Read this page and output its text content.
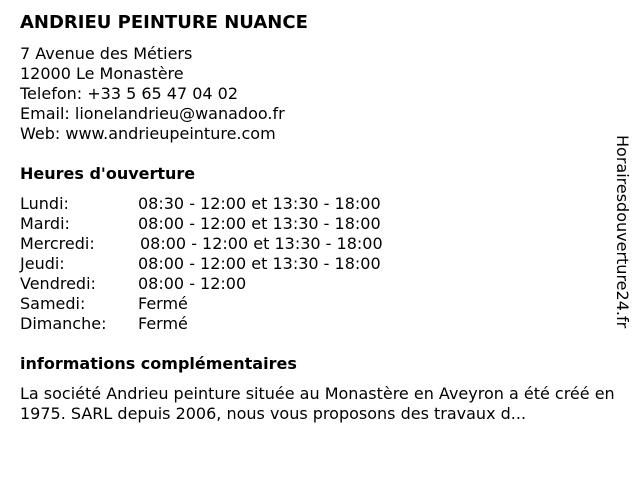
ANDRIEU PEINTURE NUANCE
7 Avenue des Métiers
12000 Le Monastère
Telefon: +33 5 65 47 04 02
Email: lionelandrieu@wanadoo.fr
Web: www.andrieupeinture.com
Heures d'ouverture
Lundi:	08:30 - 12:00 et 13:30 - 18:00
Mardi:	08:00 - 12:00 et 13:30 - 18:00
Mercredi:	08:00 - 12:00 et 13:30 - 18:00
Jeudi:	08:00 - 12:00 et 13:30 - 18:00
Vendredi:	08:00 - 12:00
Samedi:	Fermé
Dimanche: Fermé
informations complémentaires
La société Andrieu peinture située au Monastère en Aveyron a été créé en 1975. SARL depuis 2006, nous vous proposons des travaux d...
Horairesdouverture24.fr
